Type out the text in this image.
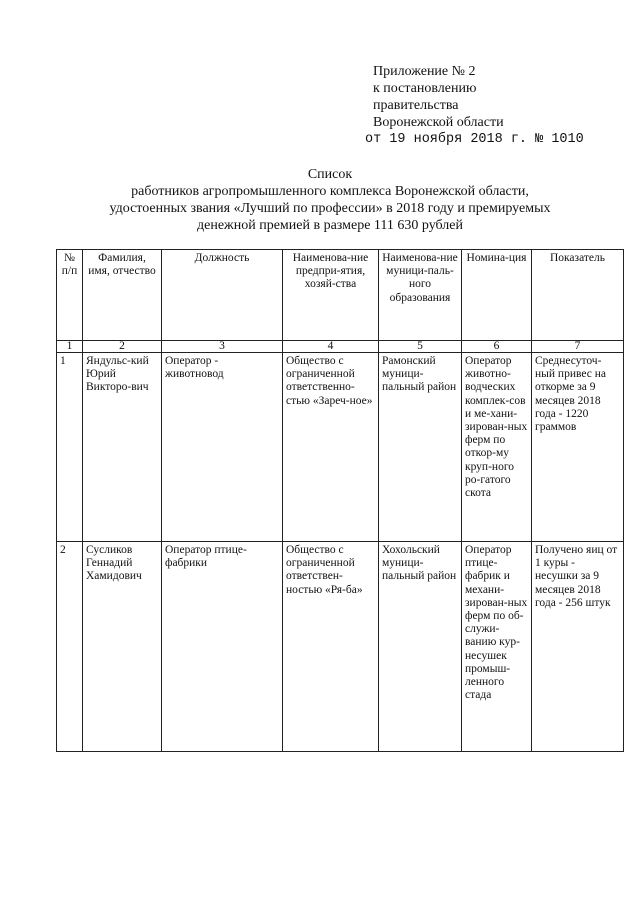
Приложение № 2
к постановлению
правительства
Воронежской области
от 19 ноября 2018 г. № 1010
Список
работников агропромышленного комплекса Воронежской области,
удостоенных звания «Лучший по профессии» в 2018 году и премируемых
денежной премией в размере 111 630 рублей
№ п/п	Фамилия, имя, отчество	Должность	Наименова-ние предпри-ятия, хозяй-ства	Наименова-ние муници-паль-ного образования	Номина-ция	Показатель
1	2	3	4	5	6	7
1	Яндульс-кий Юрий Викторо-вич	Оператор - животновод	Общество с ограниченной ответственно-стью «Зареч-ное»	Рамонский муници-пальный район	Оператор животно-водческих комплек-сов и ме-хани-зирован-ных ферм по откор-му круп-ного ро-гатого скота	Среднесуточ-ный привес на откорме за 9 месяцев 2018 года - 1220 граммов
2	Сусликов Геннадий Хамидович	Оператор птице-фабрики	Общество с ограниченной ответствен-ностью «Ря-ба»	Хохольский муници-пальный район	Оператор птице-фабрик и механи-зирован-ных ферм по об-служи-ванию кур-несушек промыш-ленного стада	Получено яиц от 1 куры - несушки за 9 месяцев 2018 года - 256 штук
